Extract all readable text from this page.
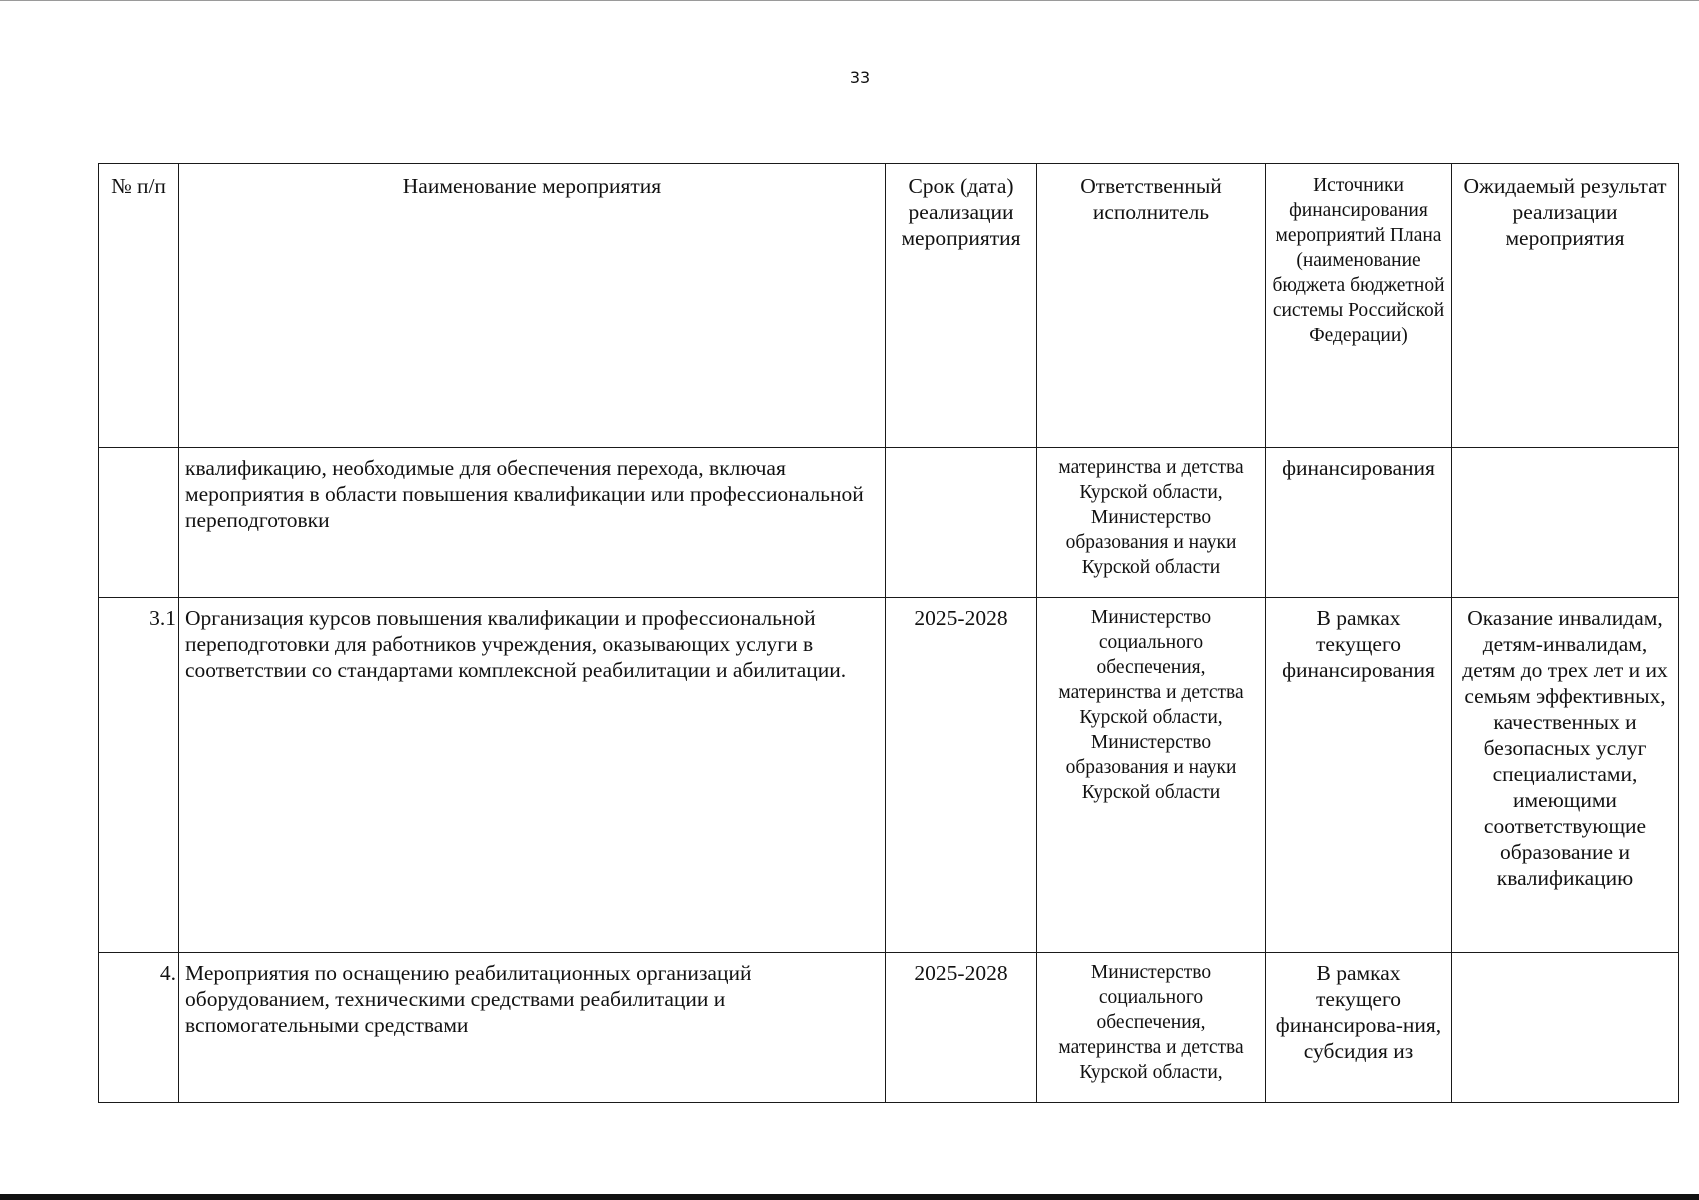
33
№ п/п	Наименование мероприятия	Срок (дата) реализации мероприятия	Ответственный исполнитель	Источники финансирования мероприятий Плана (наименование бюджета бюджетной системы Российской Федерации)	Ожидаемый результат реализации мероприятия
	квалификацию, необходимые для обеспечения перехода, включая мероприятия в области повышения квалификации или профессиональной переподготовки		материнства и детства Курской области, Министерство образования и науки Курской области	финансирования	
3.1	Организация курсов повышения квалификации и профессиональной переподготовки для работников учреждения, оказывающих услуги в соответствии со стандартами комплексной реабилитации и абилитации.	2025-2028	Министерство социального обеспечения, материнства и детства Курской области, Министерство образования и науки Курской области	В рамках текущего финансирования	Оказание инвалидам, детям-инвалидам, детям до трех лет и их семьям эффективных, качественных и безопасных услуг специалистами, имеющими соответствующие образование и квалификацию
4.	Мероприятия по оснащению реабилитационных организаций оборудованием, техническими средствами реабилитации и вспомогательными средствами	2025-2028	Министерство социального обеспечения, материнства и детства Курской области,	В рамках текущего финансирова-ния, субсидия из	
